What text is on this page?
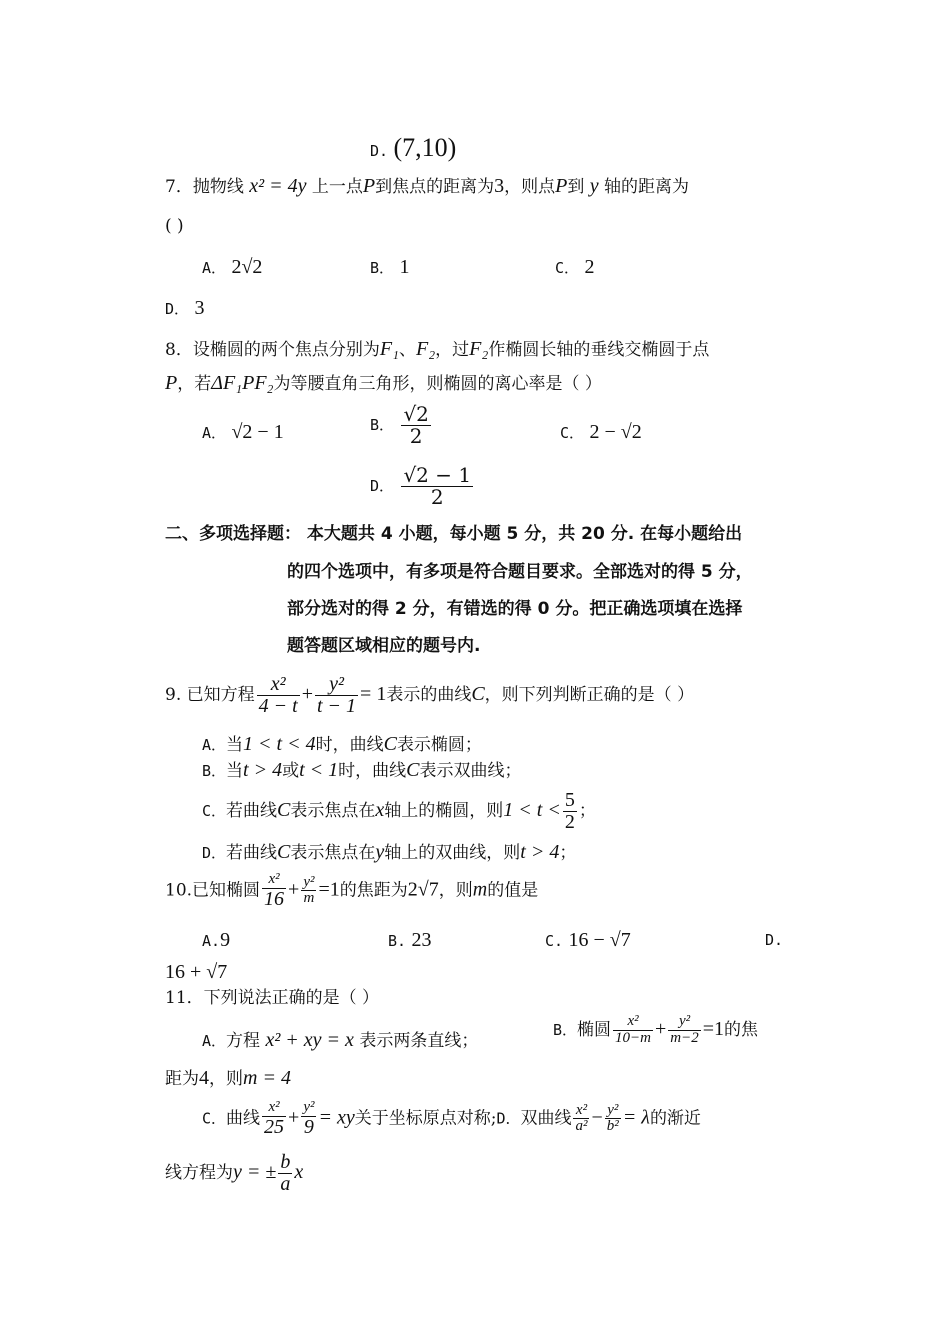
D. (7,10)
7．抛物线 x² = 4y 上一点P到焦点的距离为3，则点P到 y 轴的距离为
( )
A． 2√2	B． 1	C． 2
D． 3
8．设椭圆的两个焦点分别为F₁、F₂，过F₂作椭圆长轴的垂线交椭圆于点
P，若ΔF₁PF₂为等腰直角三角形，则椭圆的离心率是（ ）
A． √2 − 1	B． $\frac{√2}{2}$	C． 2 − √2
D． $\frac{√2 - 1}{2}$
二、多项选择题： 本大题共 4 小题，每小题 5 分，共 20 分. 在每小题给出
的四个选项中，有多项是符合题目要求。全部选对的得 5 分，
部分选对的得 2 分，有错选的得 0 分。把正确选项填在选择
题答题区域相应的题号内.
9. 已知方程 $\frac{\text{x²}}{4 - t} + \frac{\text{y²}}{t - 1} = 1$表示的曲线C，则下列判断正确的是（ ）
A．当1 < t < 4时，曲线C表示椭圆；
B．当t > 4或t < 1时，曲线C表示双曲线；
C．若曲线C表示焦点在x轴上的椭圆，则$1 < t < \frac{5}{2}$ ；
D．若曲线C表示焦点在y轴上的双曲线，则t > 4；
10.已知椭圆 $\frac{\text{x²}}{16} + \frac{\text{y²}}{m} =1$的焦距为2√7，则m的值是
A.9	B. 23	C. 16 − √7	D.
16 + √7
11．下列说法正确的是（ ）
A．方程 x² + xy = x 表示两条直线；
B．椭圆 $\frac{\text{x²}}{10-m} + \frac{\text{y²}}{m-2} =1$的焦
距为4，则m = 4
C．曲线 $\frac{\text{x²}}{25} + \frac{\text{y²}}{9}$ = xy关于坐标原点对称;D．双曲线 $\frac{\text{x²}}{\text{a²}} - \frac{\text{y²}}{\text{b²}} = \lambda$的渐近
线方程为y = ± $\frac{b}{a}$ x
